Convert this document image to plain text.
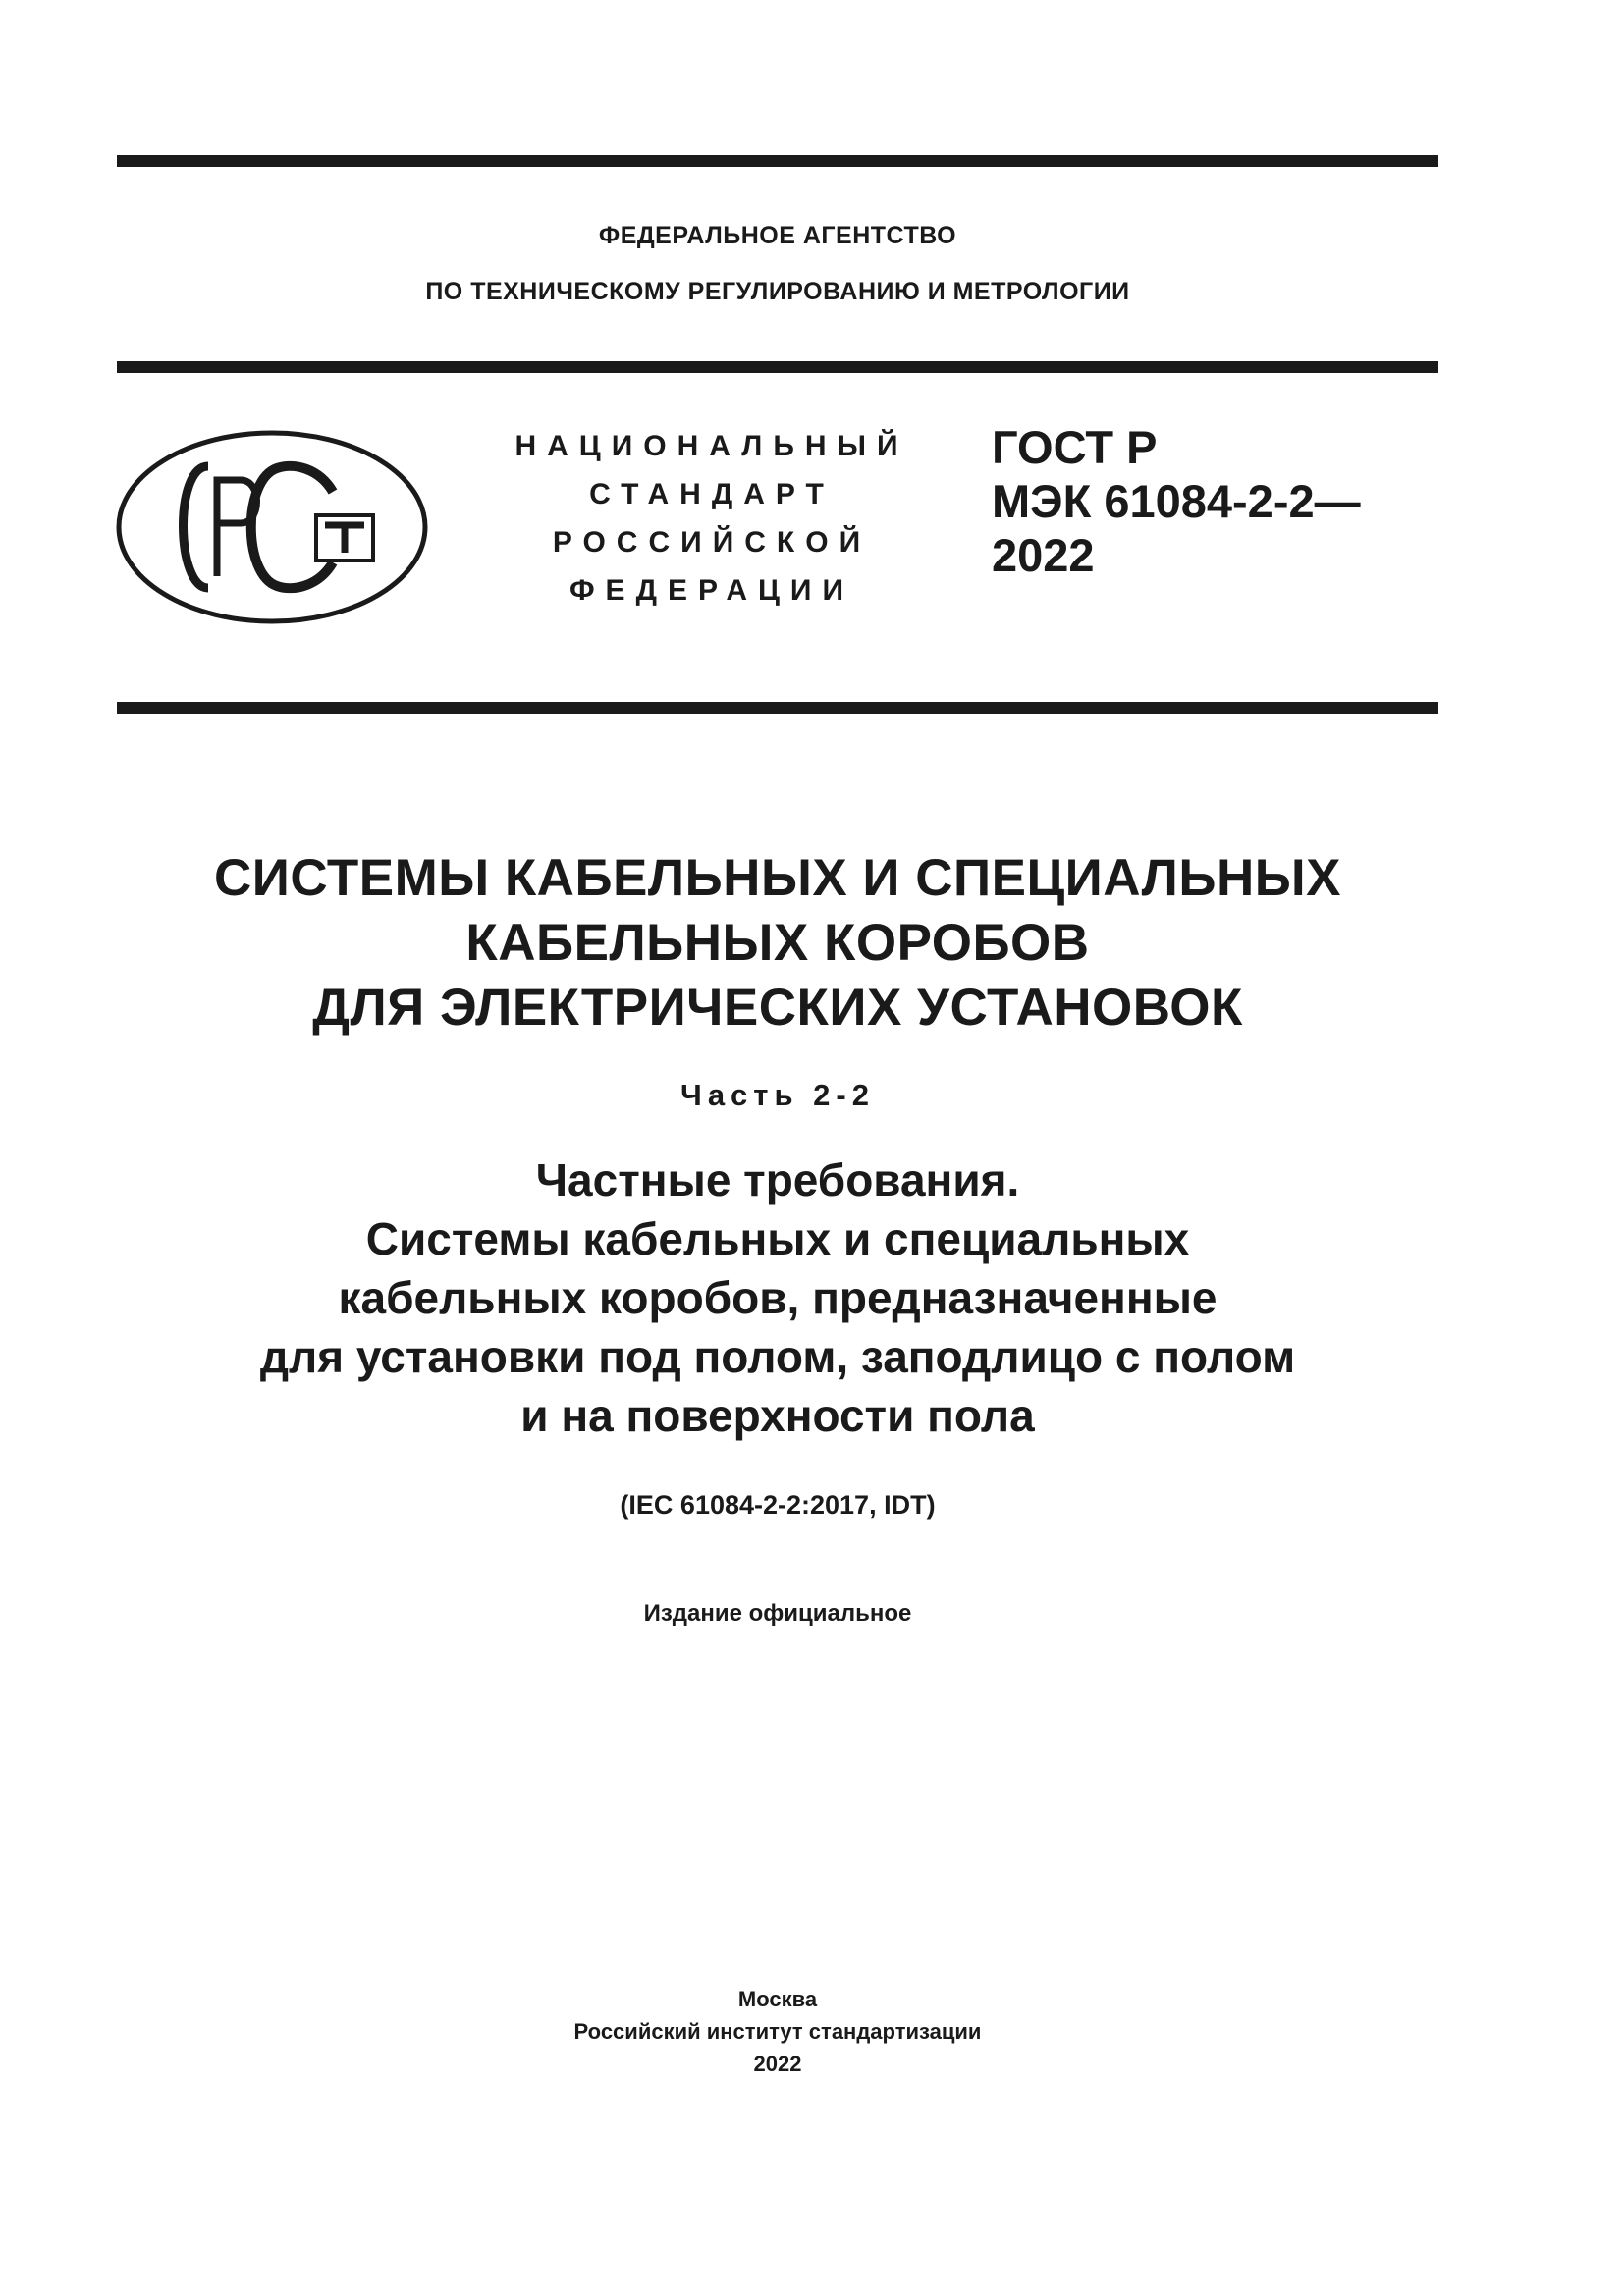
ФЕДЕРАЛЬНОЕ АГЕНТСТВО
ПО ТЕХНИЧЕСКОМУ РЕГУЛИРОВАНИЮ И МЕТРОЛОГИИ
НАЦИОНАЛЬНЫЙ
СТАНДАРТ
РОССИЙСКОЙ
ФЕДЕРАЦИИ
ГОСТ Р
МЭК 61084-2-2—
2022
СИСТЕМЫ КАБЕЛЬНЫХ И СПЕЦИАЛЬНЫХ
КАБЕЛЬНЫХ КОРОБОВ
ДЛЯ ЭЛЕКТРИЧЕСКИХ УСТАНОВОК
Часть 2-2
Частные требования.
Системы кабельных и специальных
кабельных коробов, предназначенные
для установки под полом, заподлицо с полом
и на поверхности пола
(IEC 61084-2-2:2017, IDT)
Издание официальное
Москва
Российский институт стандартизации
2022
